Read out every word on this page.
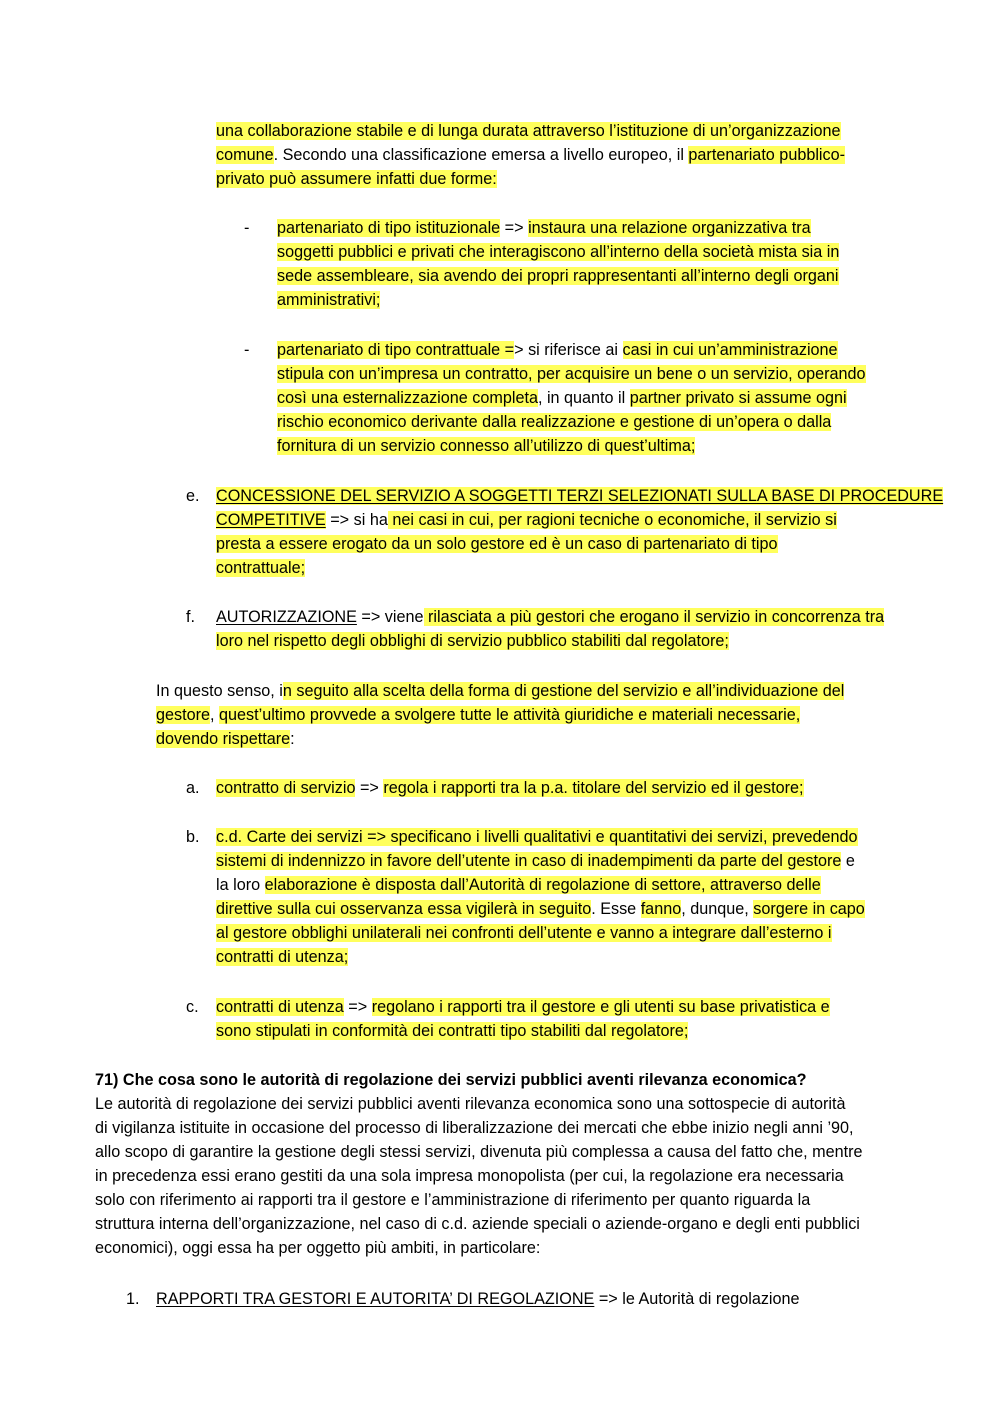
una collaborazione stabile e di lunga durata attraverso l’istituzione di un’organizzazione
comune. Secondo una classificazione emersa a livello europeo, il partenariato pubblico-
privato può assumere infatti due forme:
- partenariato di tipo istituzionale => instaura una relazione organizzativa tra
soggetti pubblici e privati che interagiscono all’interno della società mista sia in
sede assembleare, sia avendo dei propri rappresentanti all’interno degli organi
amministrativi;
- partenariato di tipo contrattuale => si riferisce ai casi in cui un’amministrazione
stipula con un’impresa un contratto, per acquisire un bene o un servizio, operando
così una esternalizzazione completa, in quanto il partner privato si assume ogni
rischio economico derivante dalla realizzazione e gestione di un’opera o dalla
fornitura di un servizio connesso all’utilizzo di quest’ultima;
e. CONCESSIONE DEL SERVIZIO A SOGGETTI TERZI SELEZIONATI SULLA BASE DI PROCEDURE
COMPETITIVE => si ha nei casi in cui, per ragioni tecniche o economiche, il servizio si
presta a essere erogato da un solo gestore ed è un caso di partenariato di tipo
contrattuale;
f. AUTORIZZAZIONE => viene rilasciata a più gestori che erogano il servizio in concorrenza tra
loro nel rispetto degli obblighi di servizio pubblico stabiliti dal regolatore;
In questo senso, in seguito alla scelta della forma di gestione del servizio e all’individuazione del
gestore, quest’ultimo provvede a svolgere tutte le attività giuridiche e materiali necessarie,
dovendo rispettare:
a. contratto di servizio => regola i rapporti tra la p.a. titolare del servizio ed il gestore;
b. c.d. Carte dei servizi => specificano i livelli qualitativi e quantitativi dei servizi, prevedendo
sistemi di indennizzo in favore dell’utente in caso di inadempimenti da parte del gestore e
la loro elaborazione è disposta dall’Autorità di regolazione di settore, attraverso delle
direttive sulla cui osservanza essa vigilerà in seguito. Esse fanno, dunque, sorgere in capo
al gestore obblighi unilaterali nei confronti dell’utente e vanno a integrare dall’esterno i
contratti di utenza;
c. contratti di utenza => regolano i rapporti tra il gestore e gli utenti su base privatistica e
sono stipulati in conformità dei contratti tipo stabiliti dal regolatore;
71) Che cosa sono le autorità di regolazione dei servizi pubblici aventi rilevanza economica?
Le autorità di regolazione dei servizi pubblici aventi rilevanza economica sono una sottospecie di autorità
di vigilanza istituite in occasione del processo di liberalizzazione dei mercati che ebbe inizio negli anni ’90,
allo scopo di garantire la gestione degli stessi servizi, divenuta più complessa a causa del fatto che, mentre
in precedenza essi erano gestiti da una sola impresa monopolista (per cui, la regolazione era necessaria
solo con riferimento ai rapporti tra il gestore e l’amministrazione di riferimento per quanto riguarda la
struttura interna dell’organizzazione, nel caso di c.d. aziende speciali o aziende-organo e degli enti pubblici
economici), oggi essa ha per oggetto più ambiti, in particolare:
1. RAPPORTI TRA GESTORI E AUTORITA’ DI REGOLAZIONE => le Autorità di regolazione
